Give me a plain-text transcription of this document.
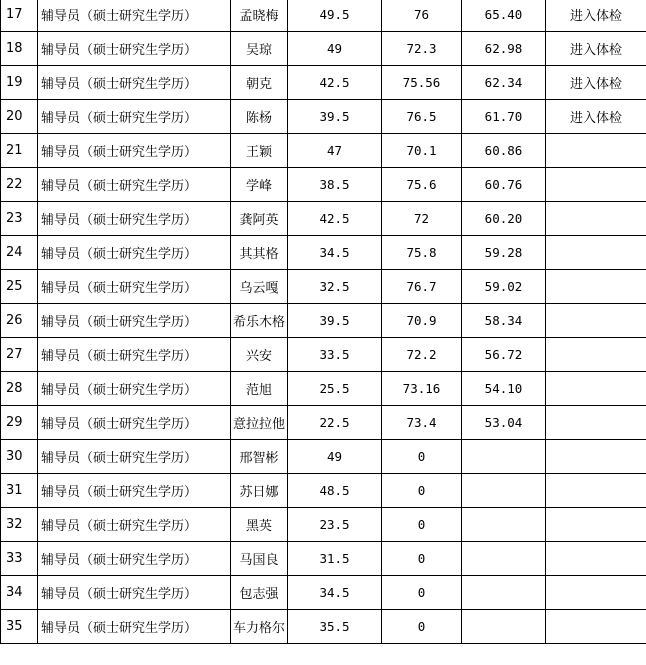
17	辅导员（硕士研究生学历）	孟晓梅	49.5	76	65.40	进入体检
18	辅导员（硕士研究生学历）	吴琼	49	72.3	62.98	进入体检
19	辅导员（硕士研究生学历）	朝克	42.5	75.56	62.34	进入体检
20	辅导员（硕士研究生学历）	陈杨	39.5	76.5	61.70	进入体检
21	辅导员（硕士研究生学历）	王颖	47	70.1	60.86	
22	辅导员（硕士研究生学历）	学峰	38.5	75.6	60.76	
23	辅导员（硕士研究生学历）	龚阿英	42.5	72	60.20	
24	辅导员（硕士研究生学历）	其其格	34.5	75.8	59.28	
25	辅导员（硕士研究生学历）	乌云嘎	32.5	76.7	59.02	
26	辅导员（硕士研究生学历）	希乐木格	39.5	70.9	58.34	
27	辅导员（硕士研究生学历）	兴安	33.5	72.2	56.72	
28	辅导员（硕士研究生学历）	范旭	25.5	73.16	54.10	
29	辅导员（硕士研究生学历）	意拉拉他	22.5	73.4	53.04	
30	辅导员（硕士研究生学历）	邢智彬	49	0		
31	辅导员（硕士研究生学历）	苏日娜	48.5	0		
32	辅导员（硕士研究生学历）	黑英	23.5	0		
33	辅导员（硕士研究生学历）	马国良	31.5	0		
34	辅导员（硕士研究生学历）	包志强	34.5	0		
35	辅导员（硕士研究生学历）	车力格尔	35.5	0		
